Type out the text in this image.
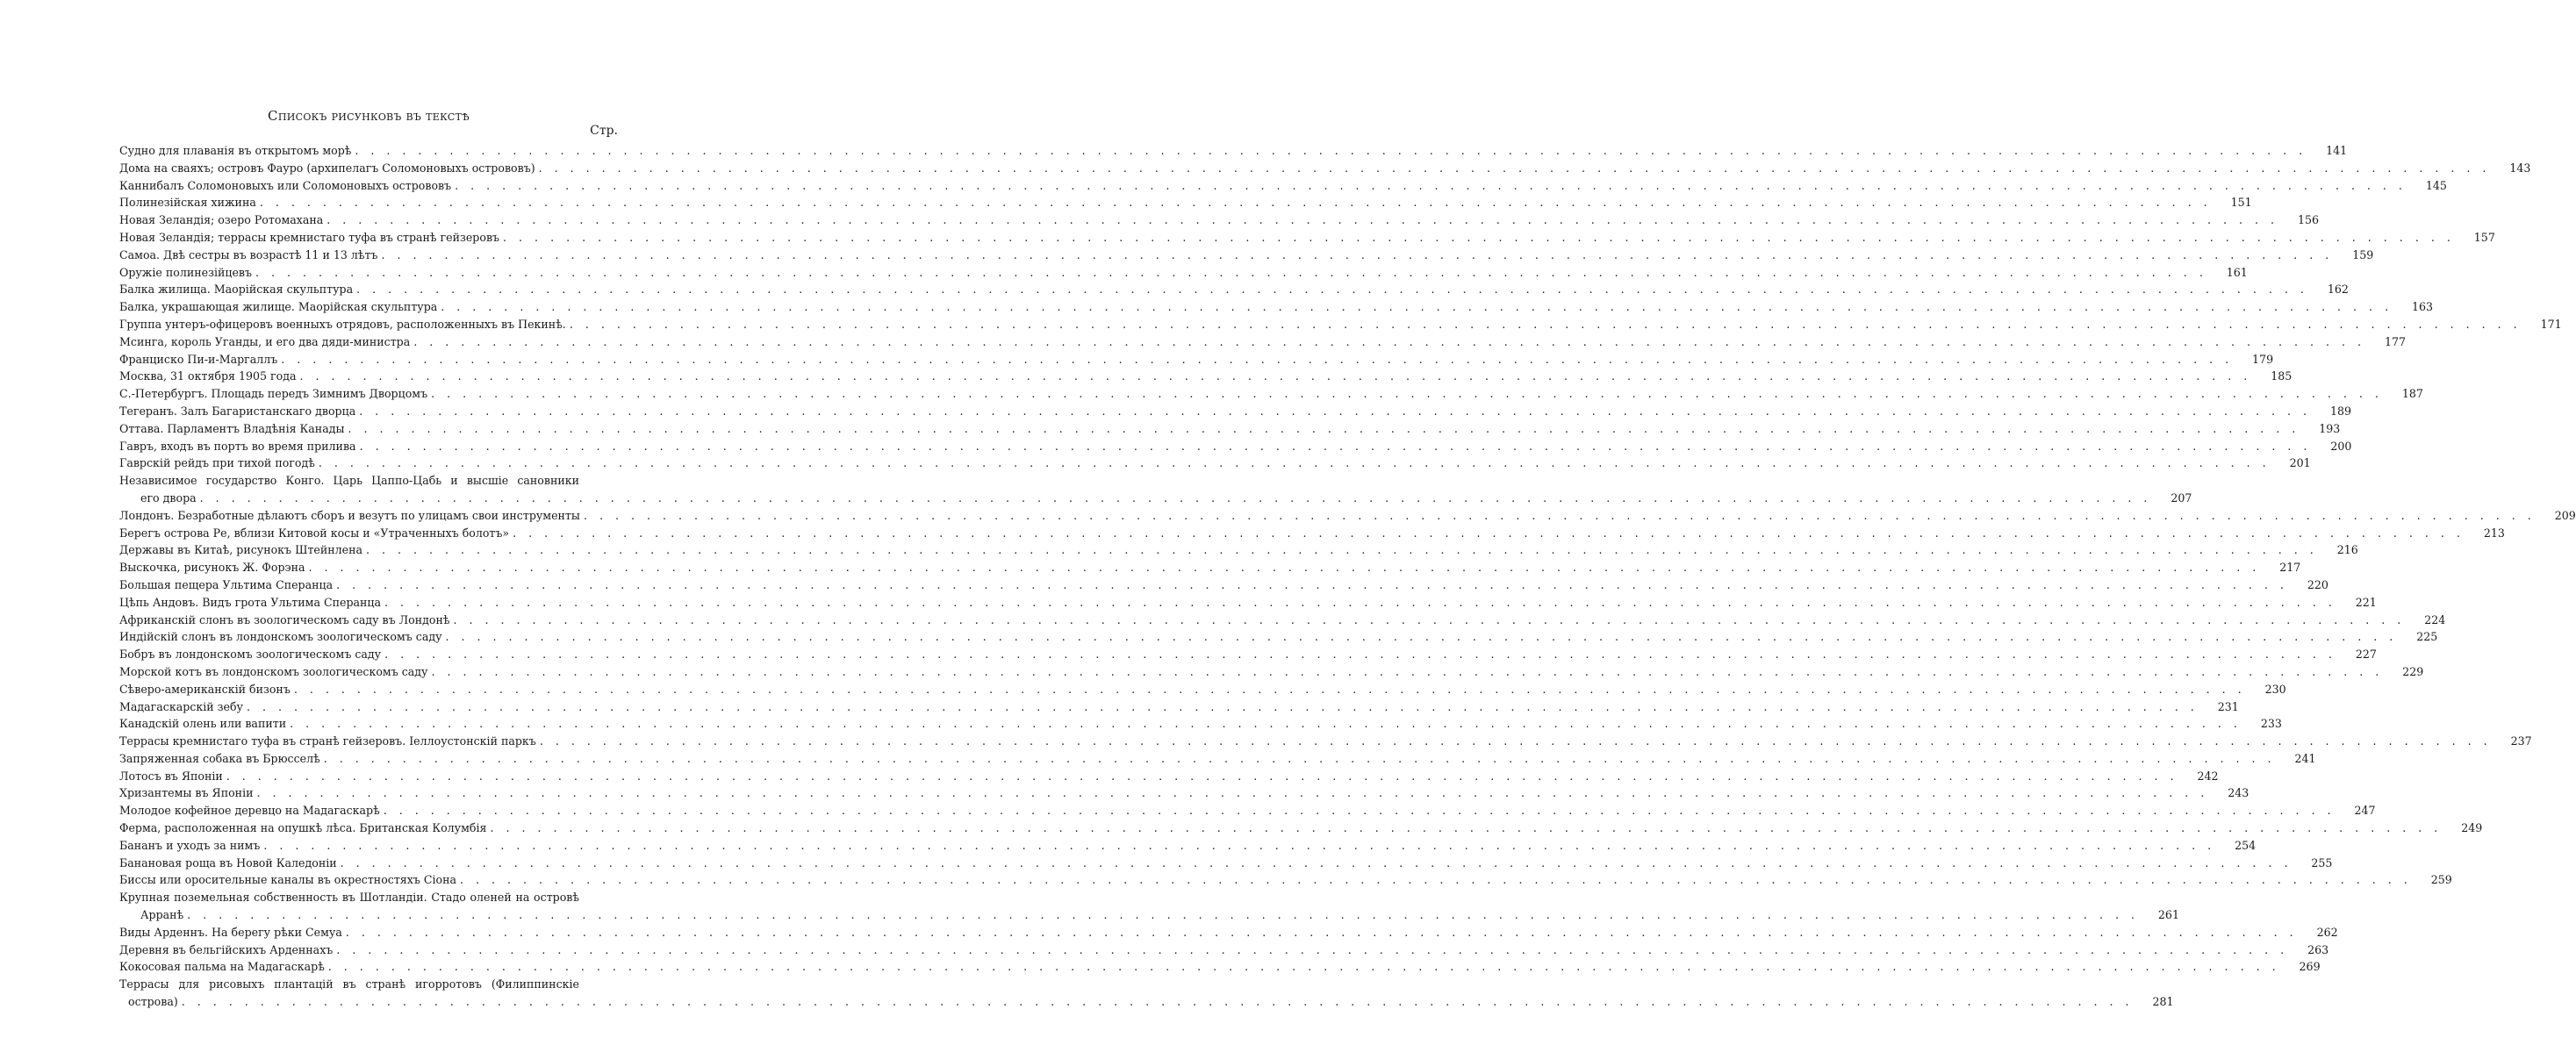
Списокъ рисунковъ въ текстѣ
Стр.
Судно для плаванія въ открытомъ морѣ . . .	141
Дома на сваяхъ; островъ Фауро (архипелагъ Соломоновыхъ острововъ) . . .	143
Каннибалъ Соломоновыхъ или Соломоновыхъ острововъ . . .	145
Полинезійская хижина . . .	151
Новая Зеландія; озеро Ротомахана . . .	156
Новая Зеландія; террасы кремнистаго туфа въ странѣ гейзеровъ . . .	157
Самоа. Двѣ сестры въ возрастѣ 11 и 13 лѣтъ . . .	159
Оружіе полинезійцевъ . . .	161
Балка жилища. Маорійская скульптура . . .	162
Балка, украшающая жилище. Маорійская скульптура . . .	163
Группа унтеръ-офицеровъ военныхъ отрядовъ, расположенныхъ въ Пекинѣ. . . .	171
Мсинга, король Уганды, и его два дяди-министра . . .	177
Франциско Пи-и-Маргаллъ . . .	179
Москва, 31 октября 1905 года . . .	185
С.-Петербургъ. Площадь передъ Зимнимъ Дворцомъ . . .	187
Тегеранъ. Залъ Багаристанскаго дворца . . .	189
Оттава. Парламентъ Владѣнія Канады . . .	193
Гавръ, входъ въ портъ во время прилива . . .	200
Гаврскій рейдъ при тихой погодѣ . . .	201
Независимое государство Конго. Царь Цаппо-Цабь и высшіе сановники
его двора . . .	207
Лондонъ. Безработные дѣлаютъ сборъ и везутъ по улицамъ свои инструменты . . .	209
Берегъ острова Ре, вблизи Китовой косы и «Утраченныхъ болотъ» . . .	213
Державы въ Китаѣ, рисунокъ Штейнлена . . .	216
Выскочка, рисунокъ Ж. Форэна . . .	217
Большая пещера Ультима Сперанца . . .	220
Цѣпь Андовъ. Видъ грота Ультима Сперанца . . .	221
Африканскій слонъ въ зоологическомъ саду въ Лондонѣ . . .	224
Индійскій слонъ въ лондонскомъ зоологическомъ саду . . .	225
Бобръ въ лондонскомъ зоологическомъ саду . . .	227
Морской котъ въ лондонскомъ зоологическомъ саду . . .	229
Сѣверо-американскій бизонъ . . .	230
Мадагаскарскій зебу . . .	231
Канадскій олень или вапити . . .	233
Террасы кремнистаго туфа въ странѣ гейзеровъ. Іеллоустонскій паркъ . . .	237
Запряженная собака въ Брюсселѣ . . .	241
Лотосъ въ Японіи . . .	242
Хризантемы въ Японіи . . .	243
Молодое кофейное деревцо на Мадагаскарѣ . . .	247
Ферма, расположенная на опушкѣ лѣса. Британская Колумбія . . .	249
Бананъ и уходъ за нимъ . . .	254
Банановая роща въ Новой Каледоніи . . .	255
Биссы или оросительные каналы въ окрестностяхъ Сіона . . .	259
Крупная поземельная собственность въ Шотландіи. Стадо оленей на островѣ
Арранѣ . . .	261
Виды Арденнъ. На берегу рѣки Семуа . . .	262
Деревня въ бельгійскихъ Арденнахъ . . .	263
Кокосовая пальма на Мадагаскарѣ . . .	269
Террасы для рисовыхъ плантацій въ странѣ игорротовъ (Филиппинскіе
острова) . . .	281
